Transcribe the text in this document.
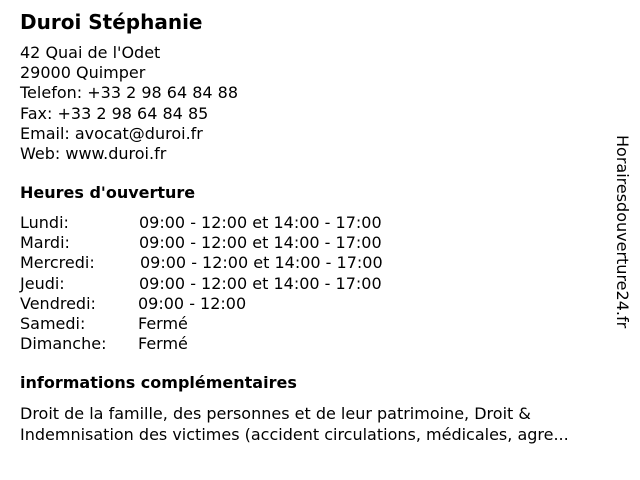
Duroi Stéphanie
42 Quai de l'Odet
29000 Quimper
Telefon: +33 2 98 64 84 88
Fax: +33 2 98 64 84 85
Email: avocat@duroi.fr
Web: www.duroi.fr
Heures d'ouverture
Lundi:	09:00 - 12:00 et 14:00 - 17:00
Mardi:	09:00 - 12:00 et 14:00 - 17:00
Mercredi:	09:00 - 12:00 et 14:00 - 17:00
Jeudi:	09:00 - 12:00 et 14:00 - 17:00
Vendredi:	09:00 - 12:00
Samedi:	Fermé
Dimanche: Fermé
informations complémentaires
Droit de la famille, des personnes et de leur patrimoine, Droit &
Indemnisation des victimes (accident circulations, médicales, agre...
Horairesdouverture24.fr
